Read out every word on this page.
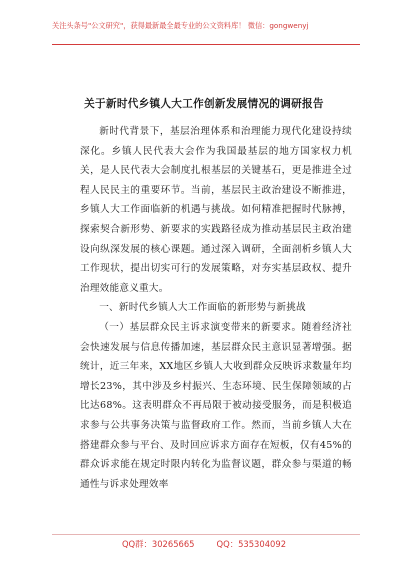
关注头条号"公文研究"，获得最新最全最专业的公文资料库！ 微信：gongwenyj
关于新时代乡镇人大工作创新发展情况的调研报告

新时代背景下，基层治理体系和治理能力现代化建设持续深化。乡镇人民代表大会作为我国最基层的地方国家权力机关，是人民代表大会制度扎根基层的关键基石，更是推进全过程人民民主的重要环节。当前，基层民主政治建设不断推进，乡镇人大工作面临新的机遇与挑战。如何精准把握时代脉搏，探索契合新形势、新要求的实践路径成为推动基层民主政治建设向纵深发展的核心课题。通过深入调研，全面剖析乡镇人大工作现状，提出切实可行的发展策略，对夯实基层政权、提升治理效能意义重大。

一、新时代乡镇人大工作面临的新形势与新挑战

（一）基层群众民主诉求演变带来的新要求。随着经济社会快速发展与信息传播加速，基层群众民主意识显著增强。据统计，近三年来，XX地区乡镇人大收到群众反映诉求数量年均增长23%，其中涉及乡村振兴、生态环境、民生保障领域的占比达68%。这表明群众不再局限于被动接受服务，而是积极追求参与公共事务决策与监督政府工作。然而，当前乡镇人大在搭建群众参与平台、及时回应诉求方面存在短板，仅有45%的群众诉求能在规定时限内转化为监督议题，群众参与渠道的畅通性与诉求处理效率

QQ群：30265665	QQ：535304092
